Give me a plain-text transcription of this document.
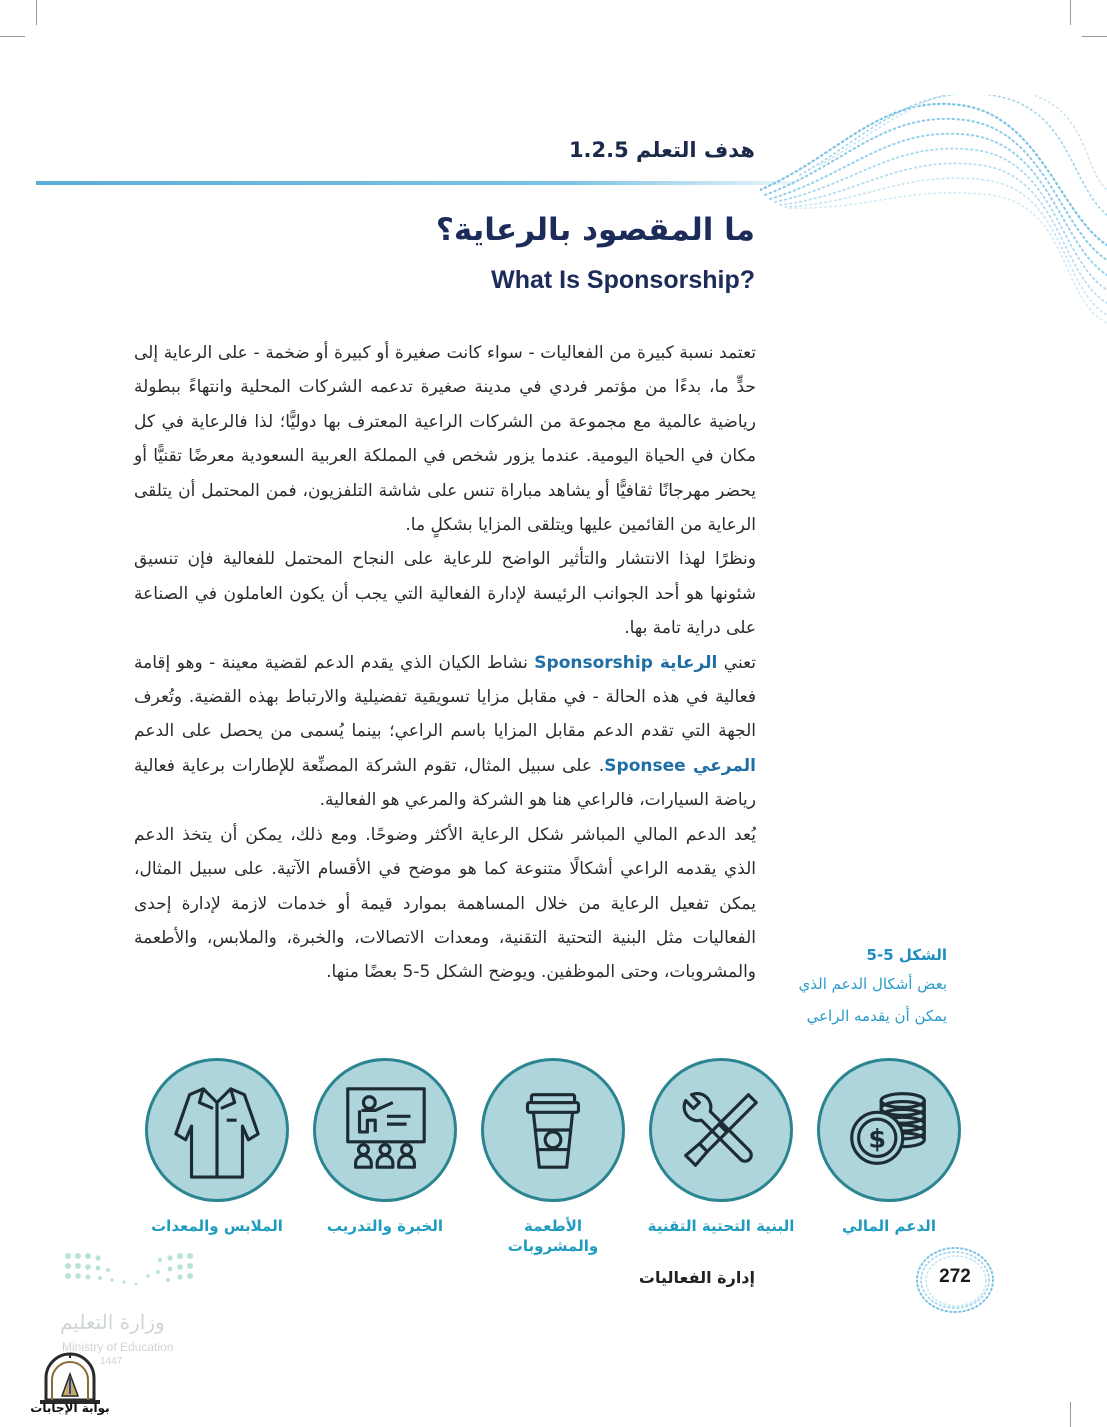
هدف التعلم 1.2.5
ما المقصود بالرعاية؟
What Is Sponsorship?

تعتمد نسبة كبيرة من الفعاليات - سواء كانت صغيرة أو كبيرة أو ضخمة - على الرعاية إلى حدٍّ ما، بدءًا من مؤتمر فردي في مدينة صغيرة تدعمه الشركات المحلية وانتهاءً ببطولة رياضية عالمية مع مجموعة من الشركات الراعية المعترف بها دوليًّا؛ لذا فالرعاية في كل مكان في الحياة اليومية. عندما يزور شخص في المملكة العربية السعودية معرضًا تقنيًّا أو يحضر مهرجانًا ثقافيًّا أو يشاهد مباراة تنس على شاشة التلفزيون، فمن المحتمل أن يتلقى الرعاية من القائمين عليها ويتلقى المزايا بشكلٍ ما.

ونظرًا لهذا الانتشار والتأثير الواضح للرعاية على النجاح المحتمل للفعالية فإن تنسيق شئونها هو أحد الجوانب الرئيسة لإدارة الفعالية التي يجب أن يكون العاملون في الصناعة على دراية تامة بها.

تعني الرعاية Sponsorship نشاط الكيان الذي يقدم الدعم لقضية معينة - وهو إقامة فعالية في هذه الحالة - في مقابل مزايا تسويقية تفضيلية والارتباط بهذه القضية. وتُعرف الجهة التي تقدم الدعم مقابل المزايا باسم الراعي؛ بينما يُسمى من يحصل على الدعم المرعي Sponsee. على سبيل المثال، تقوم الشركة المصنِّعة للإطارات برعاية فعالية رياضة السيارات، فالراعي هنا هو الشركة والمرعي هو الفعالية.

يُعد الدعم المالي المباشر شكل الرعاية الأكثر وضوحًا. ومع ذلك، يمكن أن يتخذ الدعم الذي يقدمه الراعي أشكالًا متنوعة كما هو موضح في الأقسام الآتية. على سبيل المثال، يمكن تفعيل الرعاية من خلال المساهمة بموارد قيمة أو خدمات لازمة لإدارة إحدى الفعاليات مثل البنية التحتية التقنية، ومعدات الاتصالات، والخبرة، والملابس، والأطعمة والمشروبات، وحتى الموظفين. ويوضح الشكل 5-5 بعضًا منها.

الشكل 5-5
بعض أشكال الدعم الذي
يمكن أن يقدمه الراعي
$
الدعم المالي
البنية التحتية التقنية
الأطعمة والمشروبات
الخبرة والتدريب
الملابس والمعدات
272
إدارة الفعاليات
وزارة التعليم
Ministry of Education
1447
بوابة الإجابات
